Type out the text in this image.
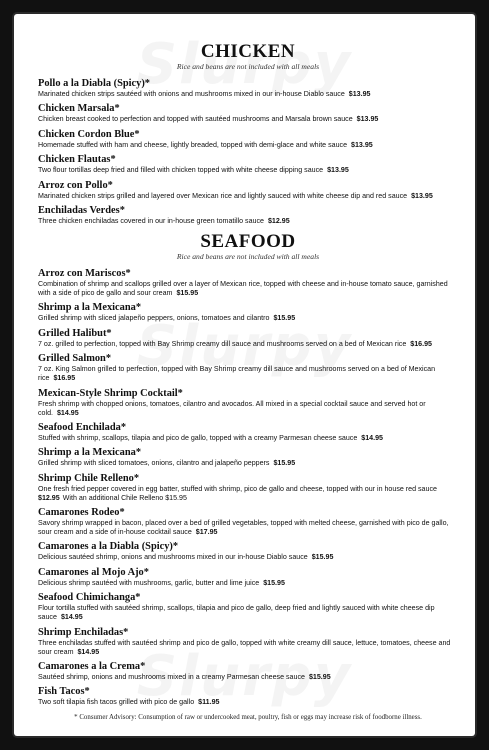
CHICKEN
Rice and beans are not included with all meals
Pollo a la Diabla (Spicy)*
Marinated chicken strips sautéed with onions and mushrooms mixed in our in-house Diablo sauce $13.95
Chicken Marsala*
Chicken breast cooked to perfection and topped with sautéed mushrooms and Marsala brown sauce $13.95
Chicken Cordon Blue*
Homemade stuffed with ham and cheese, lightly breaded, topped with demi-glace and white sauce $13.95
Chicken Flautas*
Two flour tortillas deep fried and filled with chicken topped with white cheese dipping sauce $13.95
Arroz con Pollo*
Marinated chicken strips grilled and layered over Mexican rice and lightly sauced with white cheese dip and red sauce $13.95
Enchiladas Verdes*
Three chicken enchiladas covered in our in-house green tomatillo sauce $12.95
SEAFOOD
Rice and beans are not included with all meals
Arroz con Mariscos*
Combination of shrimp and scallops grilled over a layer of Mexican rice, topped with cheese and in-house tomato sauce, garnished with a side of pico de gallo and sour cream $15.95
Shrimp a la Mexicana*
Grilled shrimp with sliced jalapeño peppers, onions, tomatoes and cilantro $15.95
Grilled Halibut*
7 oz. grilled to perfection, topped with Bay Shrimp creamy dill sauce and mushrooms served on a bed of Mexican rice $16.95
Grilled Salmon*
7 oz. King Salmon grilled to perfection, topped with Bay Shrimp creamy dill sauce and mushrooms served on a bed of Mexican rice $16.95
Mexican-Style Shrimp Cocktail*
Fresh shrimp with chopped onions, tomatoes, cilantro and avocados. All mixed in a special cocktail sauce and served hot or cold. $14.95
Seafood Enchilada*
Stuffed with shrimp, scallops, tilapia and pico de gallo, topped with a creamy Parmesan cheese sauce $14.95
Shrimp a la Mexicana*
Grilled shrimp with sliced tomatoes, onions, cilantro and jalapeño peppers $15.95
Shrimp Chile Relleno*
One fresh fried pepper covered in egg batter, stuffed with shrimp, pico de gallo and cheese, topped with our in house red sauce
$12.95 With an additional Chile Relleno $15.95
Camarones Rodeo*
Savory shrimp wrapped in bacon, placed over a bed of grilled vegetables, topped with melted cheese, garnished with pico de gallo, sour cream and a side of in-house cocktail sauce $17.95
Camarones a la Diabla (Spicy)*
Delicious sautéed shrimp, onions and mushrooms mixed in our in-house Diablo sauce $15.95
Camarones al Mojo Ajo*
Delicious shrimp sautéed with mushrooms, garlic, butter and lime juice $15.95
Seafood Chimichanga*
Flour tortilla stuffed with sautéed shrimp, scallops, tilapia and pico de gallo, deep fried and lightly sauced with white cheese dip sauce $14.95
Shrimp Enchiladas*
Three enchiladas stuffed with sautéed shrimp and pico de gallo, topped with white creamy dill sauce, lettuce, tomatoes, cheese and sour cream $14.95
Camarones a la Crema*
Sautéed shrimp, onions and mushrooms mixed in a creamy Parmesan cheese sauce $15.95
Fish Tacos*
Two soft tilapia fish tacos grilled with pico de gallo $11.95
* Consumer Advisory: Consumption of raw or undercooked meat, poultry, fish or eggs may increase risk of foodborne illness.
